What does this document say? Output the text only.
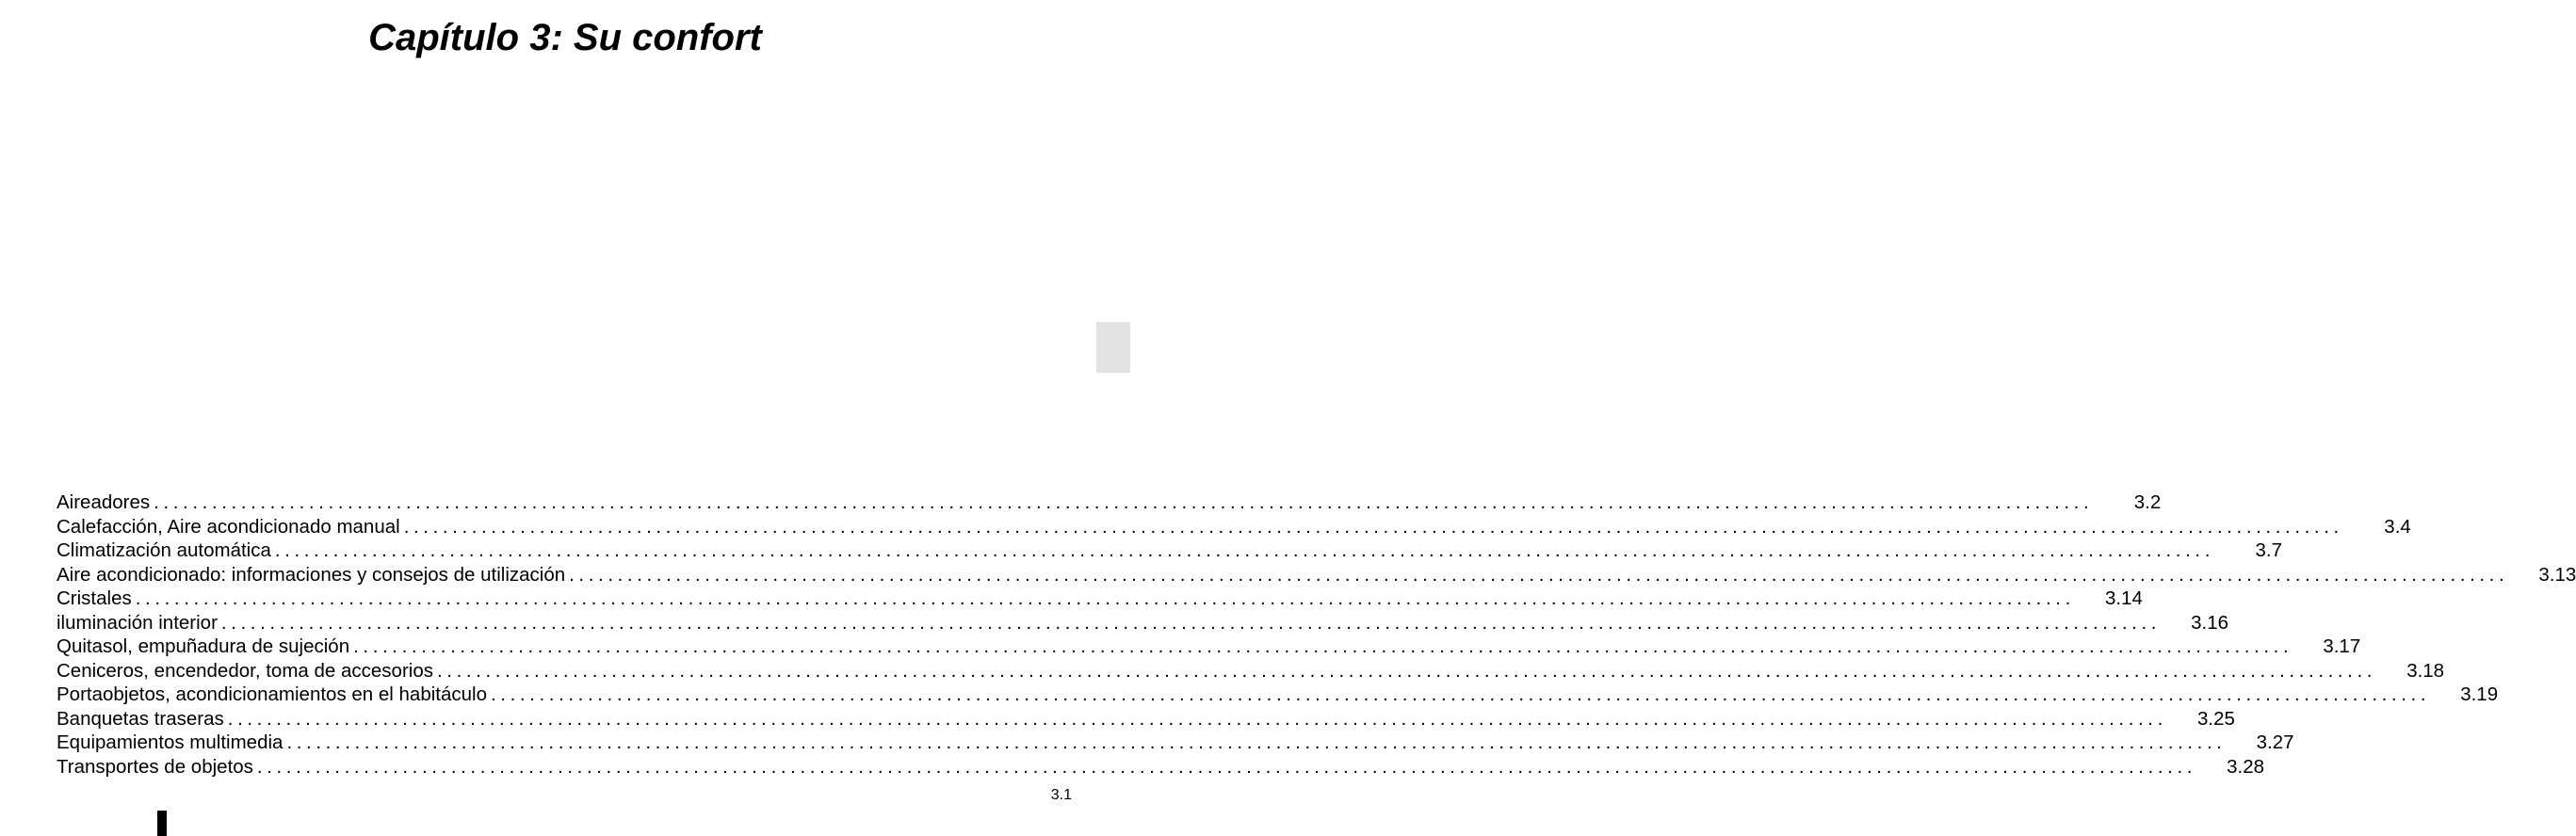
Capítulo 3: Su confort
Aireadores ........................................................................................................................................................................................................	3.2
Calefacción, Aire acondicionado manual ........................................................................................................................................................................................................	3.4
Climatización automática ........................................................................................................................................................................................................	3.7
Aire acondicionado: informaciones y consejos de utilización ........................................................................................................................................................................................................	3.13
Cristales ........................................................................................................................................................................................................	3.14
iluminación interior ........................................................................................................................................................................................................	3.16
Quitasol, empuñadura de sujeción ........................................................................................................................................................................................................	3.17
Ceniceros, encendedor, toma de accesorios ........................................................................................................................................................................................................	3.18
Portaobjetos, acondicionamientos en el habitáculo ........................................................................................................................................................................................................	3.19
Banquetas traseras ........................................................................................................................................................................................................	3.25
Equipamientos multimedia ........................................................................................................................................................................................................	3.27
Transportes de objetos ........................................................................................................................................................................................................	3.28
3.1
